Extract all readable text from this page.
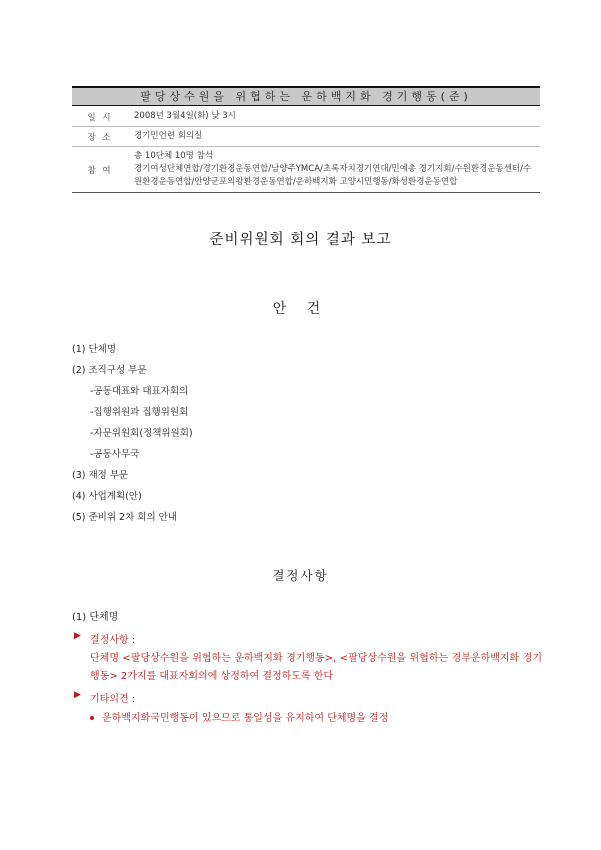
팔당상수원을 위협하는 운하백지화 경기행동(준)
일 시	2008년 3월4일(화) 낮 3시
장 소	경기민언련 회의실
참 여	총 10단체 10명 참석
경기여성단체연합/경기환경운동연합/남양주YMCA/초록자치경기연대/민예총 경기지회/수원환경운동센터/수원환경운동연합/안양군포의왕환경운동연합/운하백지화 고양시민행동/화성환경운동연합
준비위원회 회의 결과 보고
안 건
(1) 단체명
(2) 조직구성 부문
-공동대표와 대표자회의
-집행위원과 집행위원회
-자문위원회(정책위원회)
-공동사무국
(3) 재정 부문
(4) 사업계획(안)
(5) 준비위 2차 회의 안내
결정사항
(1) 단체명
▶ 결정사항 :
단체명 <팔당상수원을 위협하는 운하백지화 경기행동>, <팔당상수원을 위협하는 경부운하백지화 경기행동> 2가지를 대표자회의에 상정하여 결정하도록 한다
▶ 기타의견 :
운하백지화국민행동이 있으므로 통일성을 유지하여 단체명을 결정
